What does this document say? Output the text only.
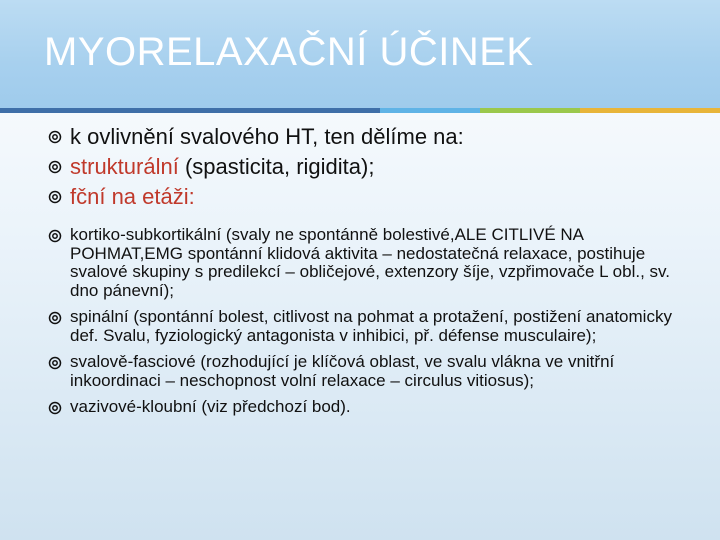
MYORELAXAČNÍ ÚČINEK
k ovlivnění svalového HT, ten dělíme na:
strukturální (spasticita, rigidita);
fční na etáži:
kortiko-subkortikální (svaly ne spontánně bolestivé,ALE CITLIVÉ NA POHMAT,EMG spontánní klidová aktivita – nedostatečná relaxace, postihuje svalové skupiny s predilekcí – obličejové, extenzory šíje, vzpřimovače L obl., sv. dno pánevní);
spinální (spontánní bolest, citlivost na pohmat a protažení, postižení anatomicky def. Svalu, fyziologický antagonista v inhibici, př. défense musculaire);
svalově-fasciové (rozhodující je klíčová oblast, ve svalu vlákna ve vnitřní inkoordinaci – neschopnost volní relaxace – circulus vitiosus);
vazivové-kloubní (viz předchozí bod).
